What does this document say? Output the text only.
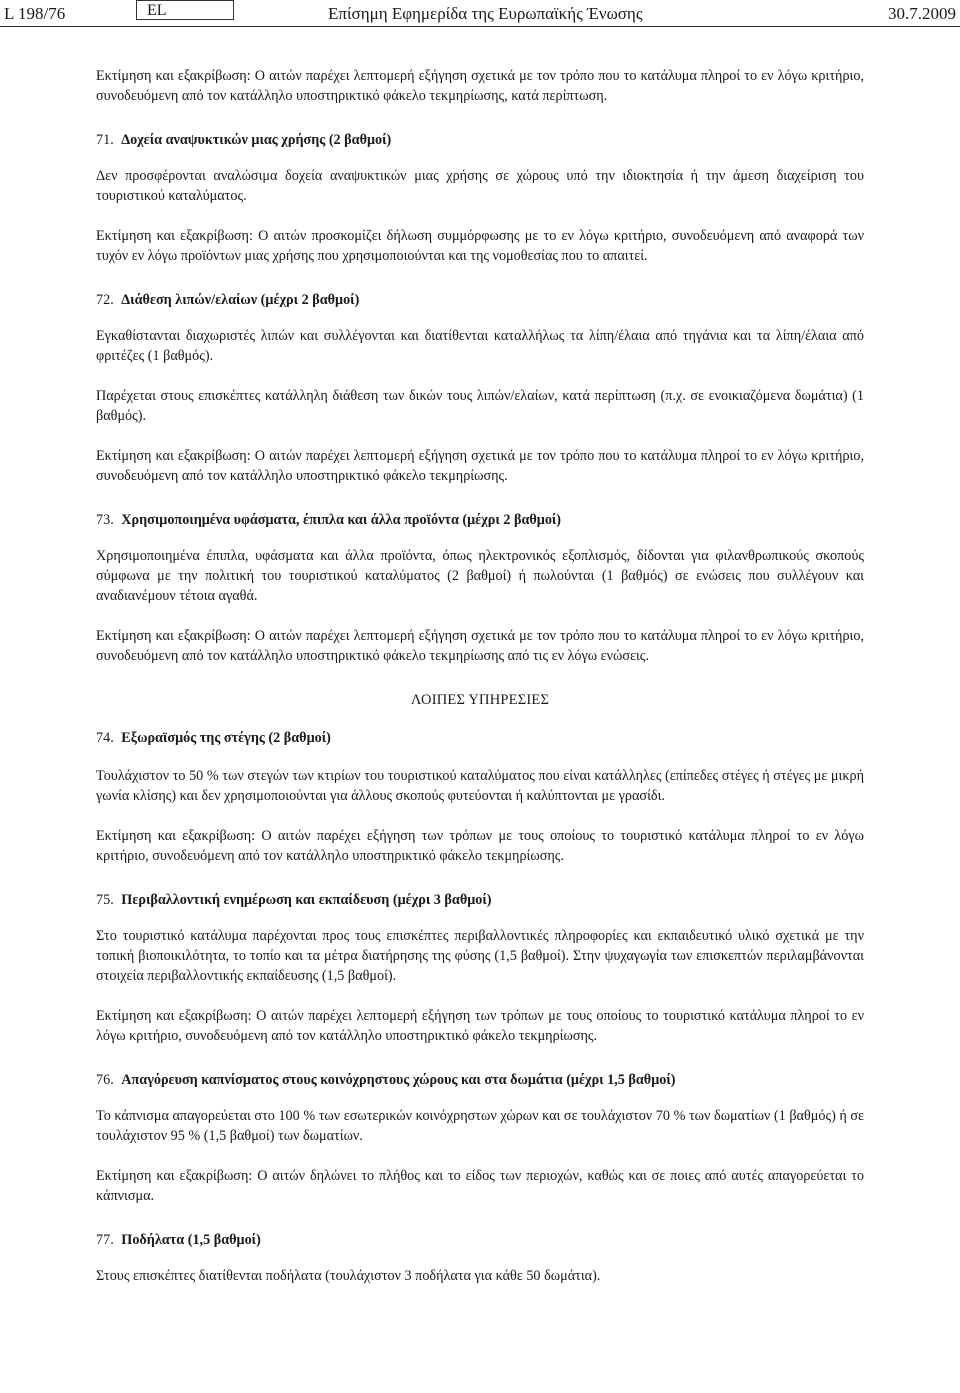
L 198/76	EL	Επίσημη Εφημερίδα της Ευρωπαϊκής Ένωσης	30.7.2009

Εκτίμηση και εξακρίβωση: Ο αιτών παρέχει λεπτομερή εξήγηση σχετικά με τον τρόπο που το κατάλυμα πληροί το εν λόγω κριτήριο, συνοδευόμενη από τον κατάλληλο υποστηρικτικό φάκελο τεκμηρίωσης, κατά περίπτωση.

71. Δοχεία αναψυκτικών μιας χρήσης (2 βαθμοί)

Δεν προσφέρονται αναλώσιμα δοχεία αναψυκτικών μιας χρήσης σε χώρους υπό την ιδιοκτησία ή την άμεση διαχείριση του τουριστικού καταλύματος.

Εκτίμηση και εξακρίβωση: Ο αιτών προσκομίζει δήλωση συμμόρφωσης με το εν λόγω κριτήριο, συνοδευόμενη από αναφορά των τυχόν εν λόγω προϊόντων μιας χρήσης που χρησιμοποιούνται και της νομοθεσίας που το απαιτεί.

72. Διάθεση λιπών/ελαίων (μέχρι 2 βαθμοί)

Εγκαθίστανται διαχωριστές λιπών και συλλέγονται και διατίθενται καταλλήλως τα λίπη/έλαια από τηγάνια και τα λίπη/έλαια από φριτέζες (1 βαθμός).

Παρέχεται στους επισκέπτες κατάλληλη διάθεση των δικών τους λιπών/ελαίων, κατά περίπτωση (π.χ. σε ενοικιαζόμενα δωμάτια) (1 βαθμός).

Εκτίμηση και εξακρίβωση: Ο αιτών παρέχει λεπτομερή εξήγηση σχετικά με τον τρόπο που το κατάλυμα πληροί το εν λόγω κριτήριο, συνοδευόμενη από τον κατάλληλο υποστηρικτικό φάκελο τεκμηρίωσης.

73. Χρησιμοποιημένα υφάσματα, έπιπλα και άλλα προϊόντα (μέχρι 2 βαθμοί)

Χρησιμοποιημένα έπιπλα, υφάσματα και άλλα προϊόντα, όπως ηλεκτρονικός εξοπλισμός, δίδονται για φιλανθρωπικούς σκοπούς σύμφωνα με την πολιτική του τουριστικού καταλύματος (2 βαθμοί) ή πωλούνται (1 βαθμός) σε ενώσεις που συλλέγουν και αναδιανέμουν τέτοια αγαθά.

Εκτίμηση και εξακρίβωση: Ο αιτών παρέχει λεπτομερή εξήγηση σχετικά με τον τρόπο που το κατάλυμα πληροί το εν λόγω κριτήριο, συνοδευόμενη από τον κατάλληλο υποστηρικτικό φάκελο τεκμηρίωσης από τις εν λόγω ενώσεις.

ΛΟΙΠΕΣ ΥΠΗΡΕΣΙΕΣ

74. Εξωραϊσμός της στέγης (2 βαθμοί)

Τουλάχιστον το 50 % των στεγών των κτιρίων του τουριστικού καταλύματος που είναι κατάλληλες (επίπεδες στέγες ή στέγες με μικρή γωνία κλίσης) και δεν χρησιμοποιούνται για άλλους σκοπούς φυτεύονται ή καλύπτονται με γρασίδι.

Εκτίμηση και εξακρίβωση: Ο αιτών παρέχει εξήγηση των τρόπων με τους οποίους το τουριστικό κατάλυμα πληροί το εν λόγω κριτήριο, συνοδευόμενη από τον κατάλληλο υποστηρικτικό φάκελο τεκμηρίωσης.

75. Περιβαλλοντική ενημέρωση και εκπαίδευση (μέχρι 3 βαθμοί)

Στο τουριστικό κατάλυμα παρέχονται προς τους επισκέπτες περιβαλλοντικές πληροφορίες και εκπαιδευτικό υλικό σχετικά με την τοπική βιοποικιλότητα, το τοπίο και τα μέτρα διατήρησης της φύσης (1,5 βαθμοί). Στην ψυχαγωγία των επισκεπτών περιλαμβάνονται στοιχεία περιβαλλοντικής εκπαίδευσης (1,5 βαθμοί).

Εκτίμηση και εξακρίβωση: Ο αιτών παρέχει λεπτομερή εξήγηση των τρόπων με τους οποίους το τουριστικό κατάλυμα πληροί το εν λόγω κριτήριο, συνοδευόμενη από τον κατάλληλο υποστηρικτικό φάκελο τεκμηρίωσης.

76. Απαγόρευση καπνίσματος στους κοινόχρηστους χώρους και στα δωμάτια (μέχρι 1,5 βαθμοί)

Το κάπνισμα απαγορεύεται στο 100 % των εσωτερικών κοινόχρηστων χώρων και σε τουλάχιστον 70 % των δωματίων (1 βαθμός) ή σε τουλάχιστον 95 % (1,5 βαθμοί) των δωματίων.

Εκτίμηση και εξακρίβωση: Ο αιτών δηλώνει το πλήθος και το είδος των περιοχών, καθώς και σε ποιες από αυτές απαγορεύεται το κάπνισμα.

77. Ποδήλατα (1,5 βαθμοί)

Στους επισκέπτες διατίθενται ποδήλατα (τουλάχιστον 3 ποδήλατα για κάθε 50 δωμάτια).
